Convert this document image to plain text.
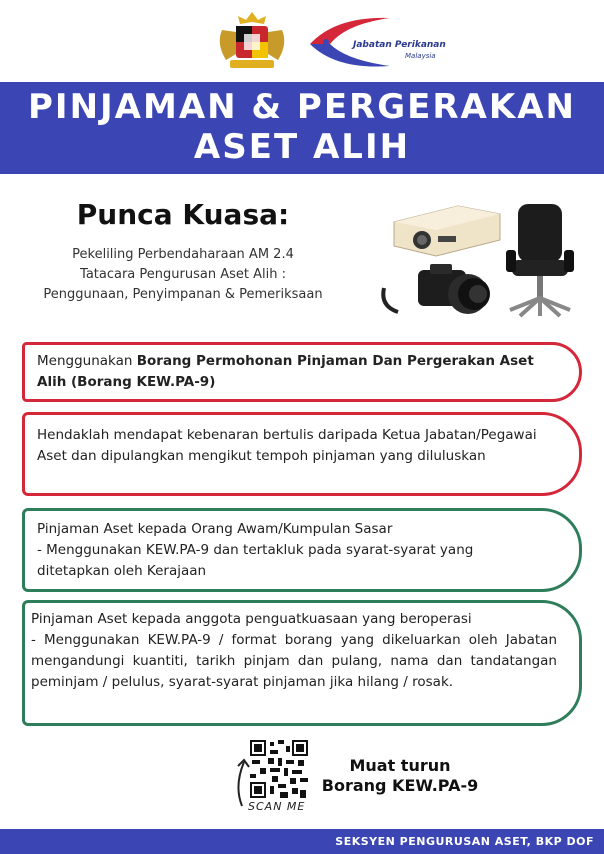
Jabatan Perikanan
Malaysia
PINJAMAN & PERGERAKAN
ASET ALIH
Punca Kuasa:
Pekeliling Perbendaharaan AM 2.4
Tatacara Pengurusan Aset Alih :
Penggunaan, Penyimpanan & Pemeriksaan
Menggunakan Borang Permohonan Pinjaman Dan Pergerakan Aset Alih (Borang KEW.PA-9)
Hendaklah mendapat kebenaran bertulis daripada Ketua Jabatan/Pegawai Aset dan dipulangkan mengikut tempoh pinjaman yang diluluskan
Pinjaman Aset kepada Orang Awam/Kumpulan Sasar
- Menggunakan KEW.PA-9 dan tertakluk pada syarat-syarat yang ditetapkan oleh Kerajaan
Pinjaman Aset kepada anggota penguatkuasaan yang beroperasi
- Menggunakan KEW.PA-9 / format borang yang dikeluarkan oleh Jabatan mengandungi kuantiti, tarikh pinjam dan pulang, nama dan tandatangan peminjam / pelulus, syarat-syarat pinjaman jika hilang / rosak.
SCAN ME
Muat turun
Borang KEW.PA-9
SEKSYEN PENGURUSAN ASET, BKP DOF
